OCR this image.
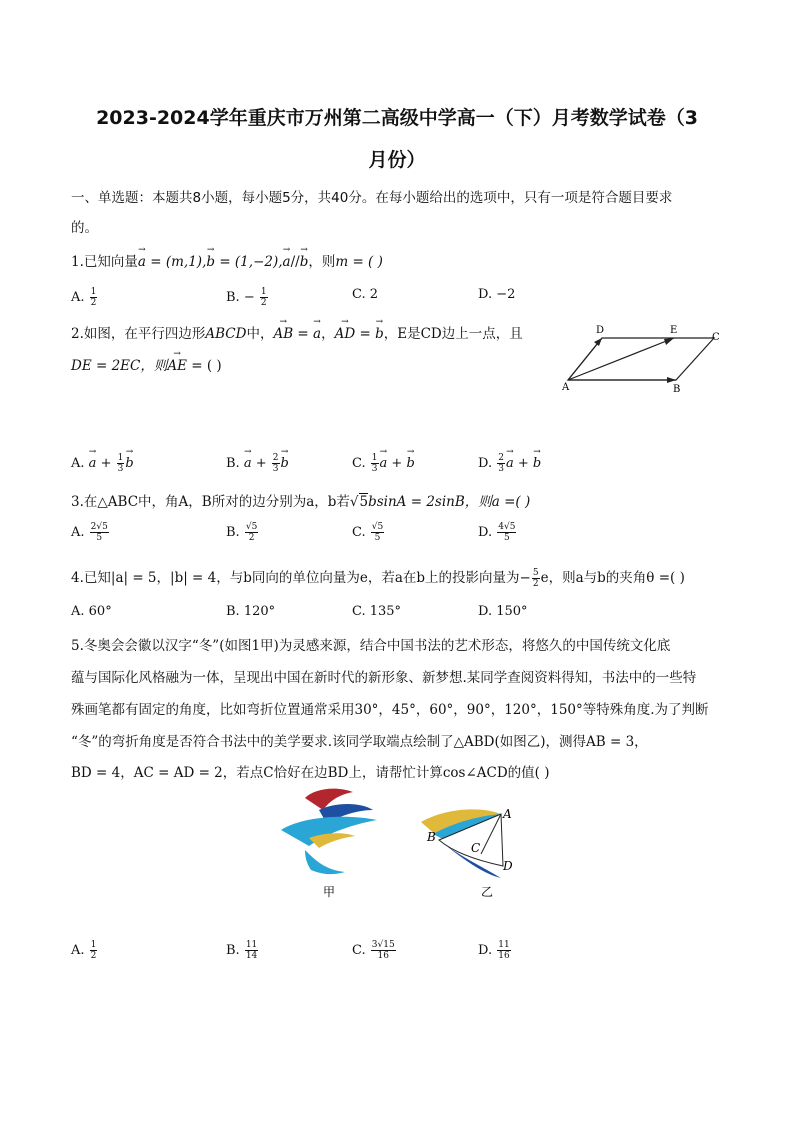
2023-2024学年重庆市万州第二高级中学高一（下）月考数学试卷（3
月份）
一、单选题：本题共8小题，每小题5分，共40分。在每小题给出的选项中，只有一项是符合题目要求
的。
1.已知向量→ a = (m,1),→ b = (1,−2),→ a//→ b，则m = ( )
A. $\frac{1}{2}$	B. − $\frac{1}{2}$	C. 2	D. −2
2.如图，在平行四边形ABCD中，→ AB = → a，→ AD = → b，E是CD边上一点，且
DE = 2EC，则→ AE = ( )
D	E
C
A	B
A. → $a + \frac{1}{3}$
→ b	B. → $a + \frac{2}{3}$
→ b	C. $\frac{1}{3}$
→ a + → b	D. $\frac{2}{3}$
→ a + → b
3.在△ABC中，角A，B所对的边分别为a，b若√5bsinA = 2sinB，则a =( )
A. $\frac{2√5}{5}$	B. $\frac{√5}{2}$	C. $\frac{√5}{5}$	D. $\frac{4√5}{5}$
4.已知|a| = 5，|b| = 4，与b同向的单位向量为e，若a在b上的投影向量为− $\frac{5}{2}$ e，则a与b的夹角θ =( )
A. 60°	B. 120°	C. 135°	D. 150°
5.冬奥会会徽以汉字“冬”(如图1甲)为灵感来源，结合中国书法的艺术形态，将悠久的中国传统文化底
蕴与国际化风格融为一体，呈现出中国在新时代的新形象、新梦想.某同学查阅资料得知，书法中的一些特
殊画笔都有固定的角度，比如弯折位置通常采用30°，45°，60°，90°，120°，150°等特殊角度.为了判断
“冬”的弯折角度是否符合书法中的美学要求.该同学取端点绘制了△ABD(如图乙)，测得AB = 3，
BD = 4，AC = AD = 2，若点C恰好在边BD上，请帮忙计算cos∠ACD的值( )
甲
A
B
C
D
乙
A. $\frac{1}{2}$	B. $\frac{11}{14}$	C. $\frac{3√15}{16}$	D. $\frac{11}{16}$
